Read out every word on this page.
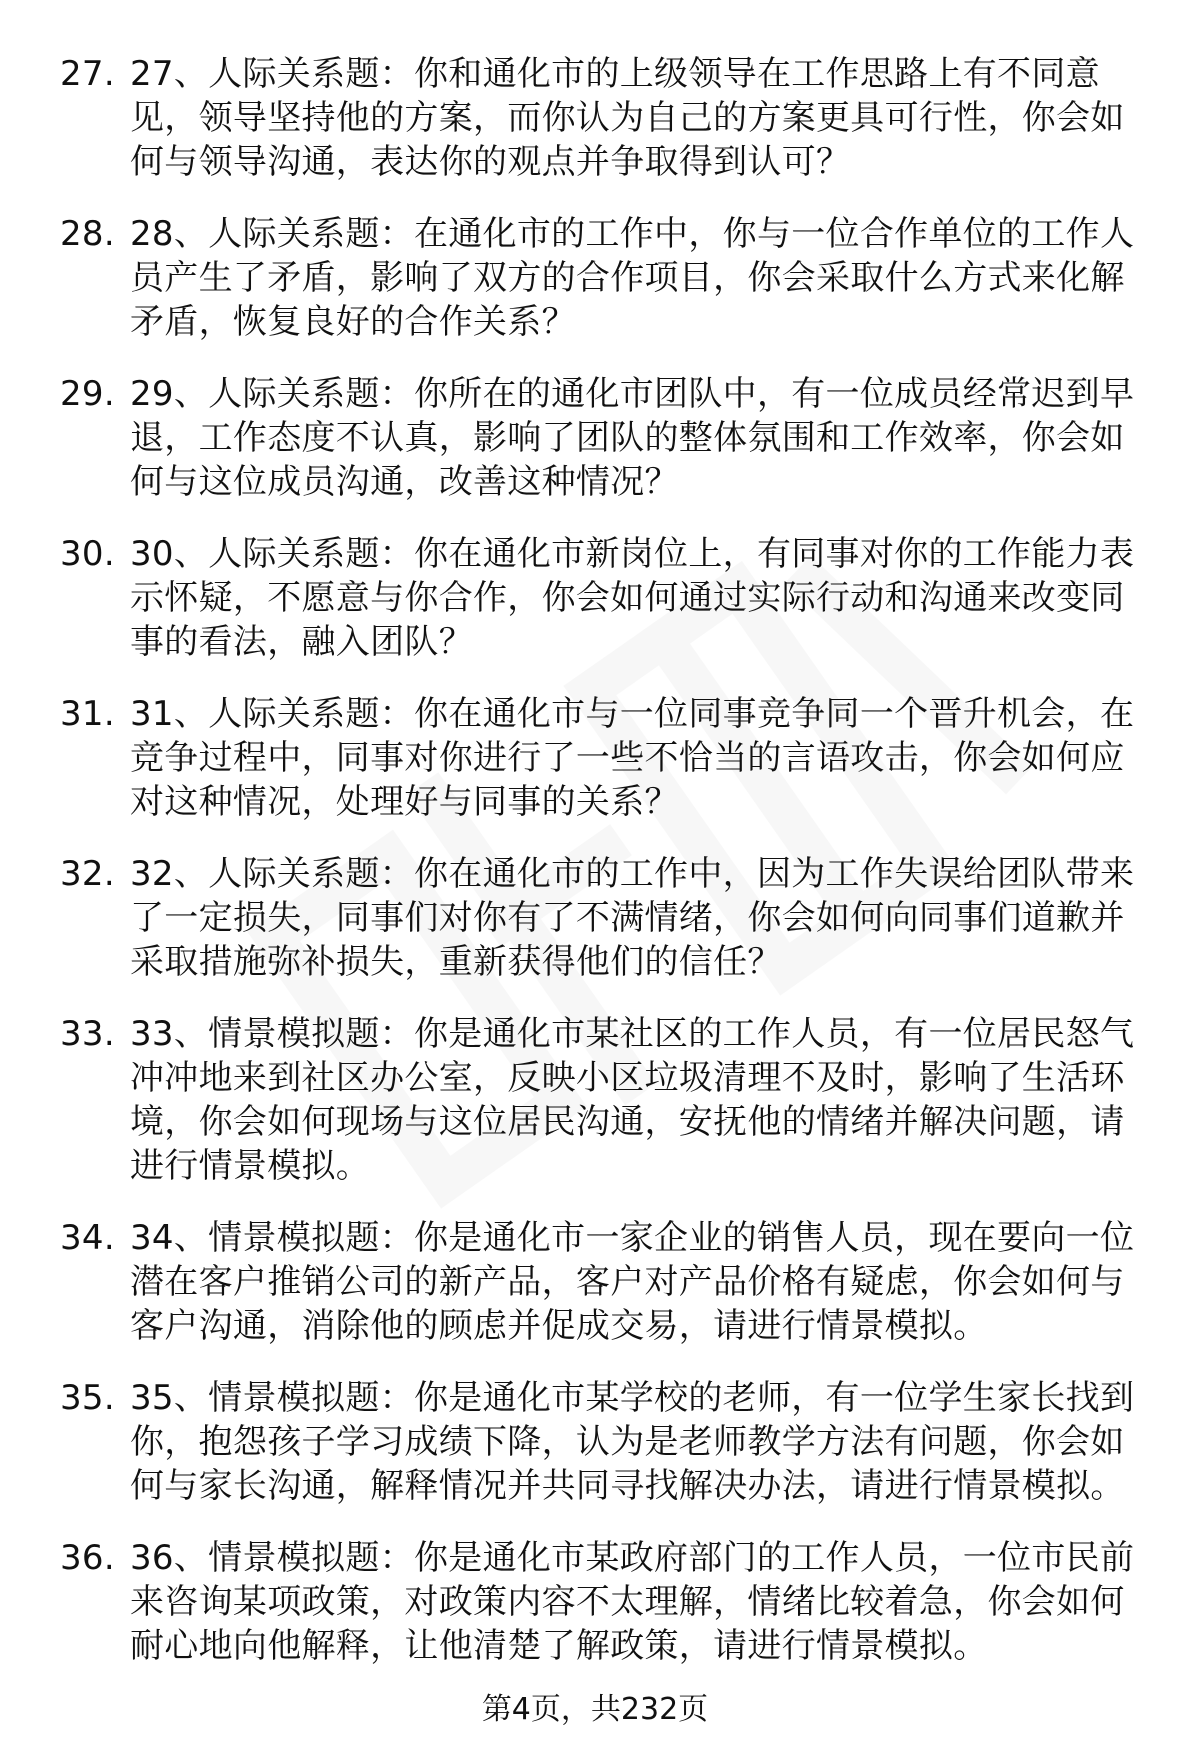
27. 27、人际关系题：你和通化市的上级领导在工作思路上有不同意见，领导坚持他的方案，而你认为自己的方案更具可行性，你会如何与领导沟通，表达你的观点并争取得到认可？
28. 28、人际关系题：在通化市的工作中，你与一位合作单位的工作人员产生了矛盾，影响了双方的合作项目，你会采取什么方式来化解矛盾，恢复良好的合作关系？
29. 29、人际关系题：你所在的通化市团队中，有一位成员经常迟到早退，工作态度不认真，影响了团队的整体氛围和工作效率，你会如何与这位成员沟通，改善这种情况？
30. 30、人际关系题：你在通化市新岗位上，有同事对你的工作能力表示怀疑，不愿意与你合作，你会如何通过实际行动和沟通来改变同事的看法，融入团队？
31. 31、人际关系题：你在通化市与一位同事竞争同一个晋升机会，在竞争过程中，同事对你进行了一些不恰当的言语攻击，你会如何应对这种情况，处理好与同事的关系？
32. 32、人际关系题：你在通化市的工作中，因为工作失误给团队带来了一定损失，同事们对你有了不满情绪，你会如何向同事们道歉并采取措施弥补损失，重新获得他们的信任？
33. 33、情景模拟题：你是通化市某社区的工作人员，有一位居民怒气冲冲地来到社区办公室，反映小区垃圾清理不及时，影响了生活环境，你会如何现场与这位居民沟通，安抚他的情绪并解决问题，请进行情景模拟。
34. 34、情景模拟题：你是通化市一家企业的销售人员，现在要向一位潜在客户推销公司的新产品，客户对产品价格有疑虑，你会如何与客户沟通，消除他的顾虑并促成交易，请进行情景模拟。
35. 35、情景模拟题：你是通化市某学校的老师，有一位学生家长找到你，抱怨孩子学习成绩下降，认为是老师教学方法有问题，你会如何与家长沟通，解释情况并共同寻找解决办法，请进行情景模拟。
36. 36、情景模拟题：你是通化市某政府部门的工作人员，一位市民前来咨询某项政策，对政策内容不太理解，情绪比较着急，你会如何耐心地向他解释，让他清楚了解政策，请进行情景模拟。
第4页，共232页
